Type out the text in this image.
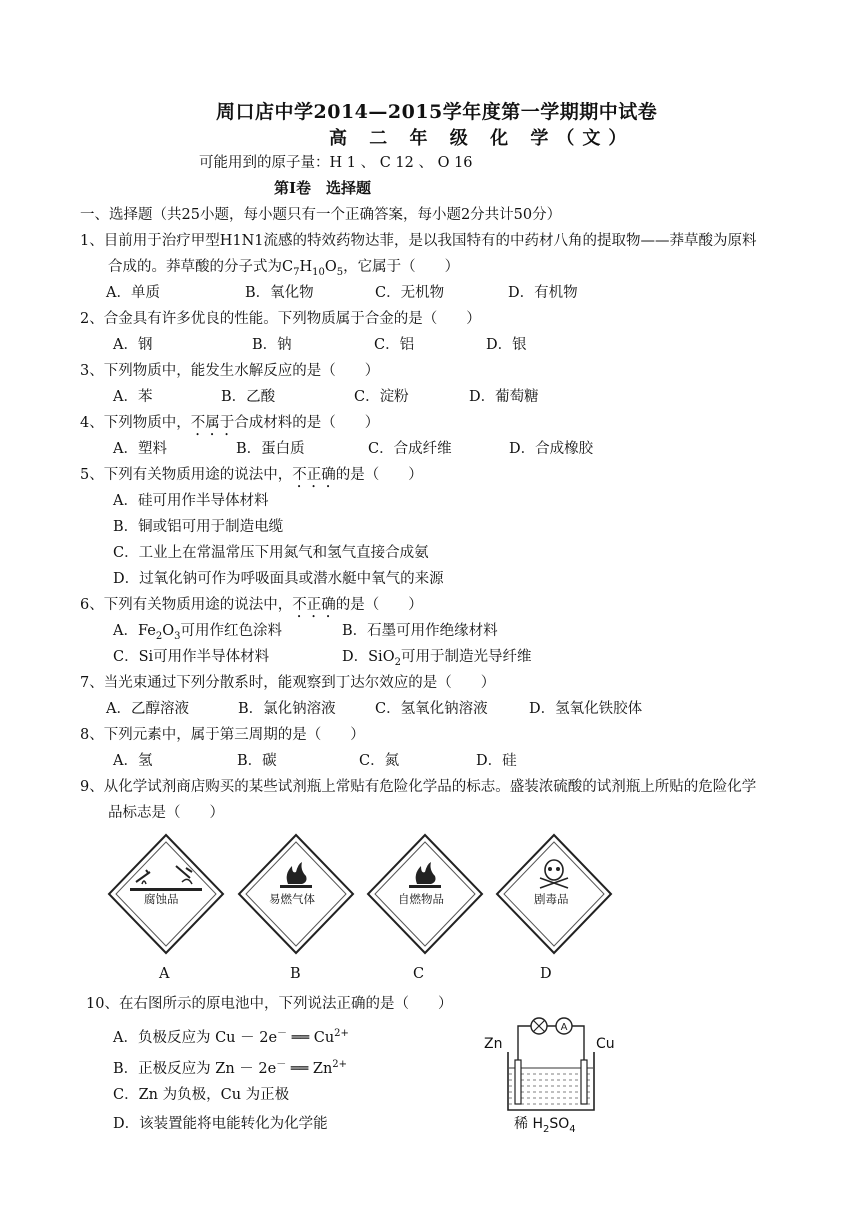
周口店中学2014—2015学年度第一学期期中试卷
高 二 年 级 化 学（文）
可能用到的原子量：H 1 、 C 12 、 O 16
第Ⅰ卷　选择题
一、选择题（共25小题，每小题只有一个正确答案，每小题2分共计50分）
1、目前用于治疗甲型H1N1流感的特效药物达菲，是以我国特有的中药材八角的提取物——莽草酸为原料
合成的。莽草酸的分子式为$C_7H_{10}O_5$，它属于（　　）
A．单质	B．氧化物	C．无机物	D．有机物
2、合金具有许多优良的性能。下列物质属于合金的是（　　）
A．钢	B．钠	C．铝	D．银
3、下列物质中，能发生水解反应的是（　　）
A．苯	B．乙酸	C．淀粉	D．葡萄糖
4、下列物质中，不属于合成材料的是（　　）
A．塑料	B．蛋白质	C．合成纤维	D．合成橡胶
5、下列有关物质用途的说法中，不正确的是（　　）
A．硅可用作半导体材料
B．铜或铝可用于制造电缆
C．工业上在常温常压下用氮气和氢气直接合成氨
D．过氧化钠可作为呼吸面具或潜水艇中氧气的来源
6、下列有关物质用途的说法中，不正确的是（　　）
A．$Fe_2O_3$可用作红色涂料	B．石墨可用作绝缘材料
C．Si可用作半导体材料	D．SiO$_2$可用于制造光导纤维
7、当光束通过下列分散系时，能观察到丁达尔效应的是（　　）
A．乙醇溶液	B．氯化钠溶液	C．氢氧化钠溶液	D．氢氧化铁胶体
8、下列元素中，属于第三周期的是（　　）
A．氢	B．碳	C．氮	D．硅
9、从化学试剂商店购买的某些试剂瓶上常贴有危险化学品的标志。盛装浓硫酸的试剂瓶上所贴的危险化学
品标志是（　　）
腐蚀品	易燃气体	自燃物品	剧毒品
A	B	C	D
10、在右图所示的原电池中，下列说法正确的是（　　）
A．负极反应为 Cu － 2e－ ══ $Cu^{2+}$
B．正极反应为 Zn － 2e－ ══ $Zn^{2+}$
C．Zn 为负极，Cu 为正极
D．该装置能将电能转化为化学能
A
Zn	Cu
稀 $H_2SO_4$
